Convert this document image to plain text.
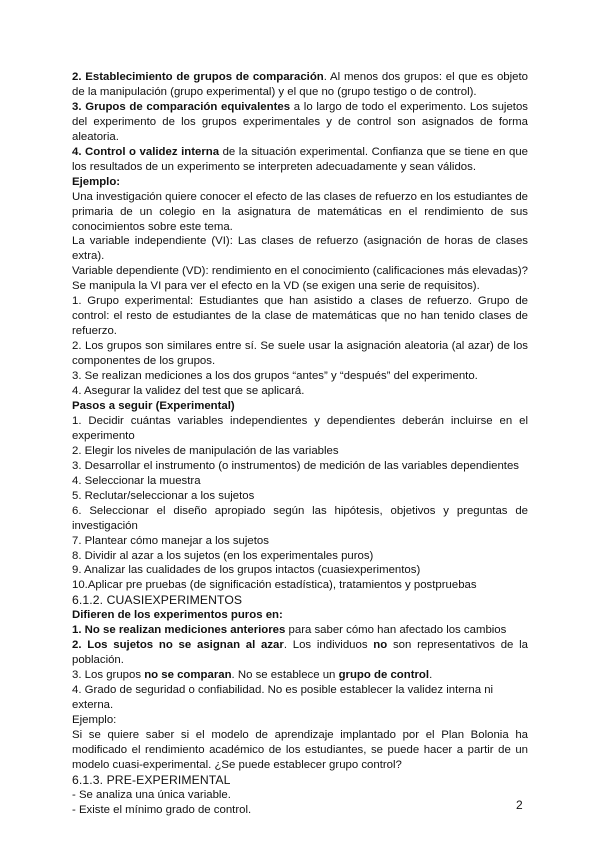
2. Establecimiento de grupos de comparación. Al menos dos grupos: el que es objeto de la manipulación (grupo experimental) y el que no (grupo testigo o de control).

3. Grupos de comparación equivalentes a lo largo de todo el experimento. Los sujetos del experimento de los grupos experimentales y de control son asignados de forma aleatoria.

4. Control o validez interna de la situación experimental. Confianza que se tiene en que los resultados de un experimento se interpreten adecuadamente y sean válidos.

Ejemplo:

Una investigación quiere conocer el efecto de las clases de refuerzo en los estudiantes de primaria de un colegio en la asignatura de matemáticas en el rendimiento de sus conocimientos sobre este tema.

La variable independiente (VI): Las clases de refuerzo (asignación de horas de clases extra).

Variable dependiente (VD): rendimiento en el conocimiento (calificaciones más elevadas)? Se manipula la VI para ver el efecto en la VD (se exigen una serie de requisitos).

1. Grupo experimental: Estudiantes que han asistido a clases de refuerzo. Grupo de control: el resto de estudiantes de la clase de matemáticas que no han tenido clases de refuerzo.

2. Los grupos son similares entre sí. Se suele usar la asignación aleatoria (al azar) de los componentes de los grupos.

3. Se realizan mediciones a los dos grupos “antes” y “después” del experimento.

4. Asegurar la validez del test que se aplicará.

Pasos a seguir (Experimental)

1. Decidir cuántas variables independientes y dependientes deberán incluirse en el experimento

2. Elegir los niveles de manipulación de las variables

3. Desarrollar el instrumento (o instrumentos) de medición de las variables dependientes

4. Seleccionar la muestra

5. Reclutar/seleccionar a los sujetos

6. Seleccionar el diseño apropiado según las hipótesis, objetivos y preguntas de investigación

7. Plantear cómo manejar a los sujetos

8. Dividir al azar a los sujetos (en los experimentales puros)

9. Analizar las cualidades de los grupos intactos (cuasiexperimentos)

10.Aplicar pre pruebas (de significación estadística), tratamientos y postpruebas

6.1.2. CUASIEXPERIMENTOS

Difieren de los experimentos puros en:

1. No se realizan mediciones anteriores para saber cómo han afectado los cambios

2. Los sujetos no se asignan al azar. Los individuos no son representativos de la población.

3. Los grupos no se comparan. No se establece un grupo de control.

4. Grado de seguridad o confiabilidad. No es posible establecer la validez interna ni externa.

Ejemplo:

Si se quiere saber si el modelo de aprendizaje implantado por el Plan Bolonia ha modificado el rendimiento académico de los estudiantes, se puede hacer a partir de un modelo cuasi-experimental. ¿Se puede establecer grupo control?

6.1.3. PRE-EXPERIMENTAL

- Se analiza una única variable.

- Existe el mínimo grado de control.	2
